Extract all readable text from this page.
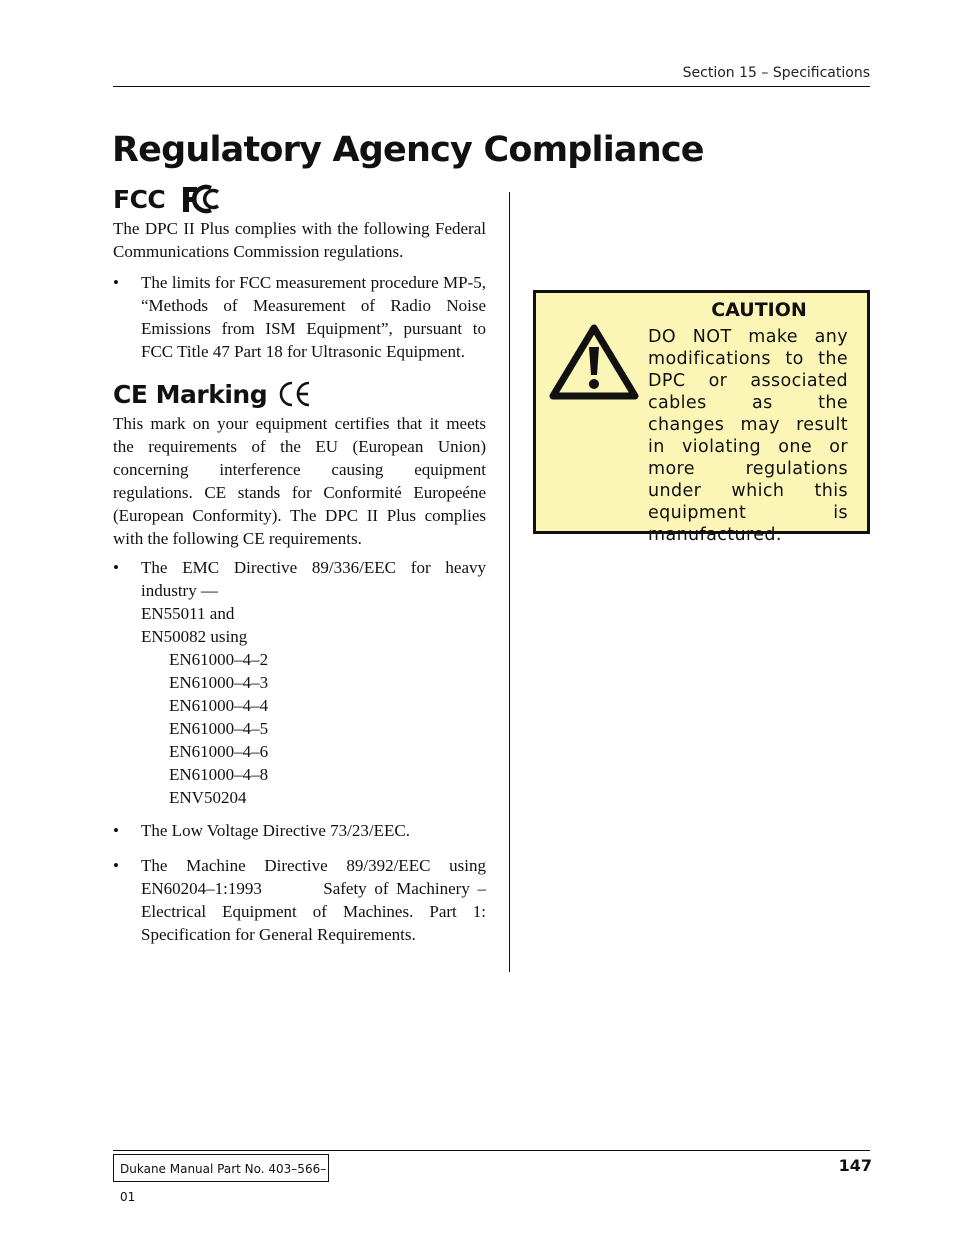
Section 15 – Specifications
Regulatory Agency Compliance
FCC

The DPC II Plus complies with the following Federal Communications Commission regulations.

• The limits for FCC measurement procedure MP-5, “Methods of Measurement of Radio Noise Emissions from ISM Equipment”, pursuant to FCC Title 47 Part 18 for Ultrasonic Equipment.
CE Marking

This mark on your equipment certifies that it meets the requirements of the EU (European Union) concerning interference causing equipment regulations. CE stands for Conformité Europeéne (European Conformity). The DPC II Plus complies with the following CE requirements.

• The EMC Directive 89/336/EEC for heavy industry —
EN55011 and
EN50082 using
EN61000–4–2
EN61000–4–3
EN61000–4–4
EN61000–4–5
EN61000–4–6
EN61000–4–8
ENV50204
• The Low Voltage Directive 73/23/EEC.
• The Machine Directive 89/392/EEC using EN60204–1:1993        Safety of Machinery – Electrical Equipment of Machines. Part 1: Specification for General Requirements.

CAUTION

DO NOT make any modifications to the DPC or associated cables as the changes may result in violating one or more regulations under which this equipment is manufactured.

Dukane Manual Part No. 403–566–01
147
